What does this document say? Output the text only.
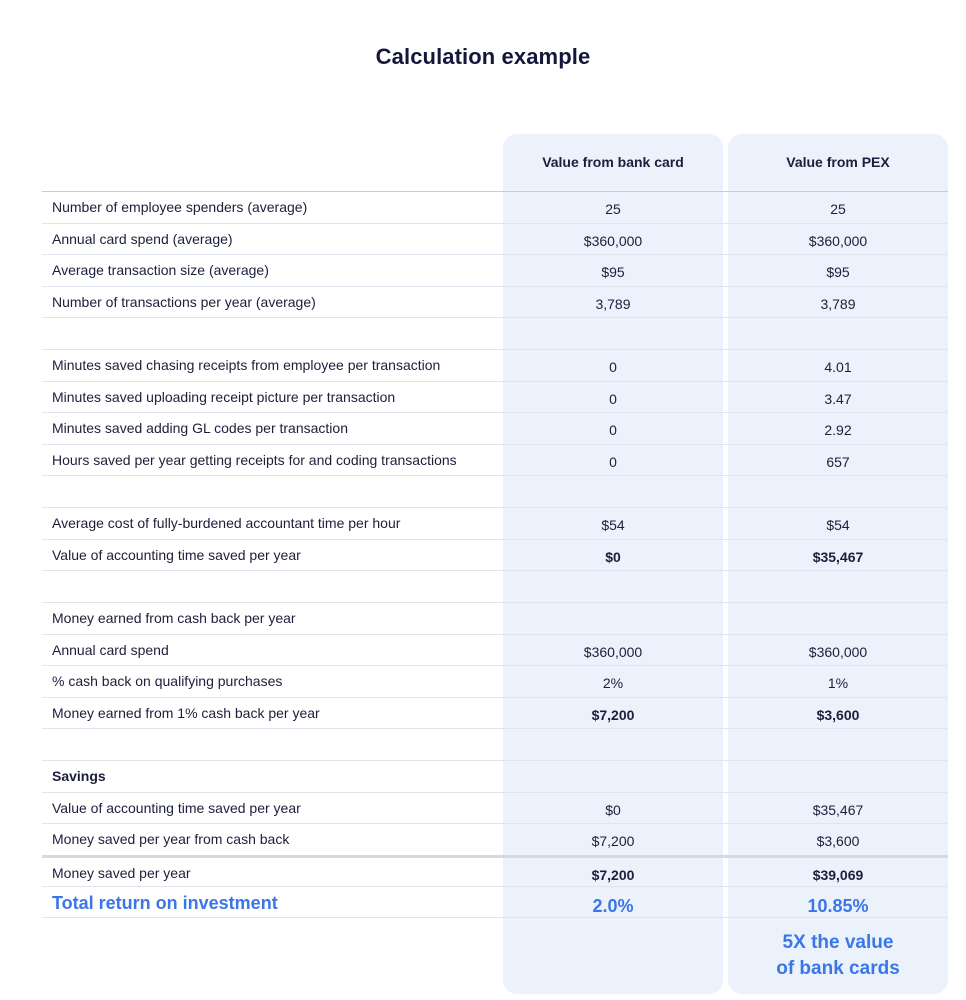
Calculation example
Value from bank card	Value from PEX
Number of employee spenders (average)	25	25
Annual card spend (average)	$360,000	$360,000
Average transaction size (average)	$95	$95
Number of transactions per year (average)	3,789	3,789
Minutes saved chasing receipts from employee per transaction	0	4.01
Minutes saved uploading receipt picture per transaction	0	3.47
Minutes saved adding GL codes per transaction	0	2.92
Hours saved per year getting receipts for and coding transactions	0	657
Average cost of fully-burdened accountant time per hour	$54	$54
Value of accounting time saved per year	$0	$35,467
Money earned from cash back per year
Annual card spend	$360,000	$360,000
% cash back on qualifying purchases	2%	1%
Money earned from 1% cash back per year	$7,200	$3,600
Savings
Value of accounting time saved per year	$0	$35,467
Money saved per year from cash back	$7,200	$3,600
Money saved per year	$7,200	$39,069
Total return on investment	2.0%	10.85%
5X the value
of bank cards
